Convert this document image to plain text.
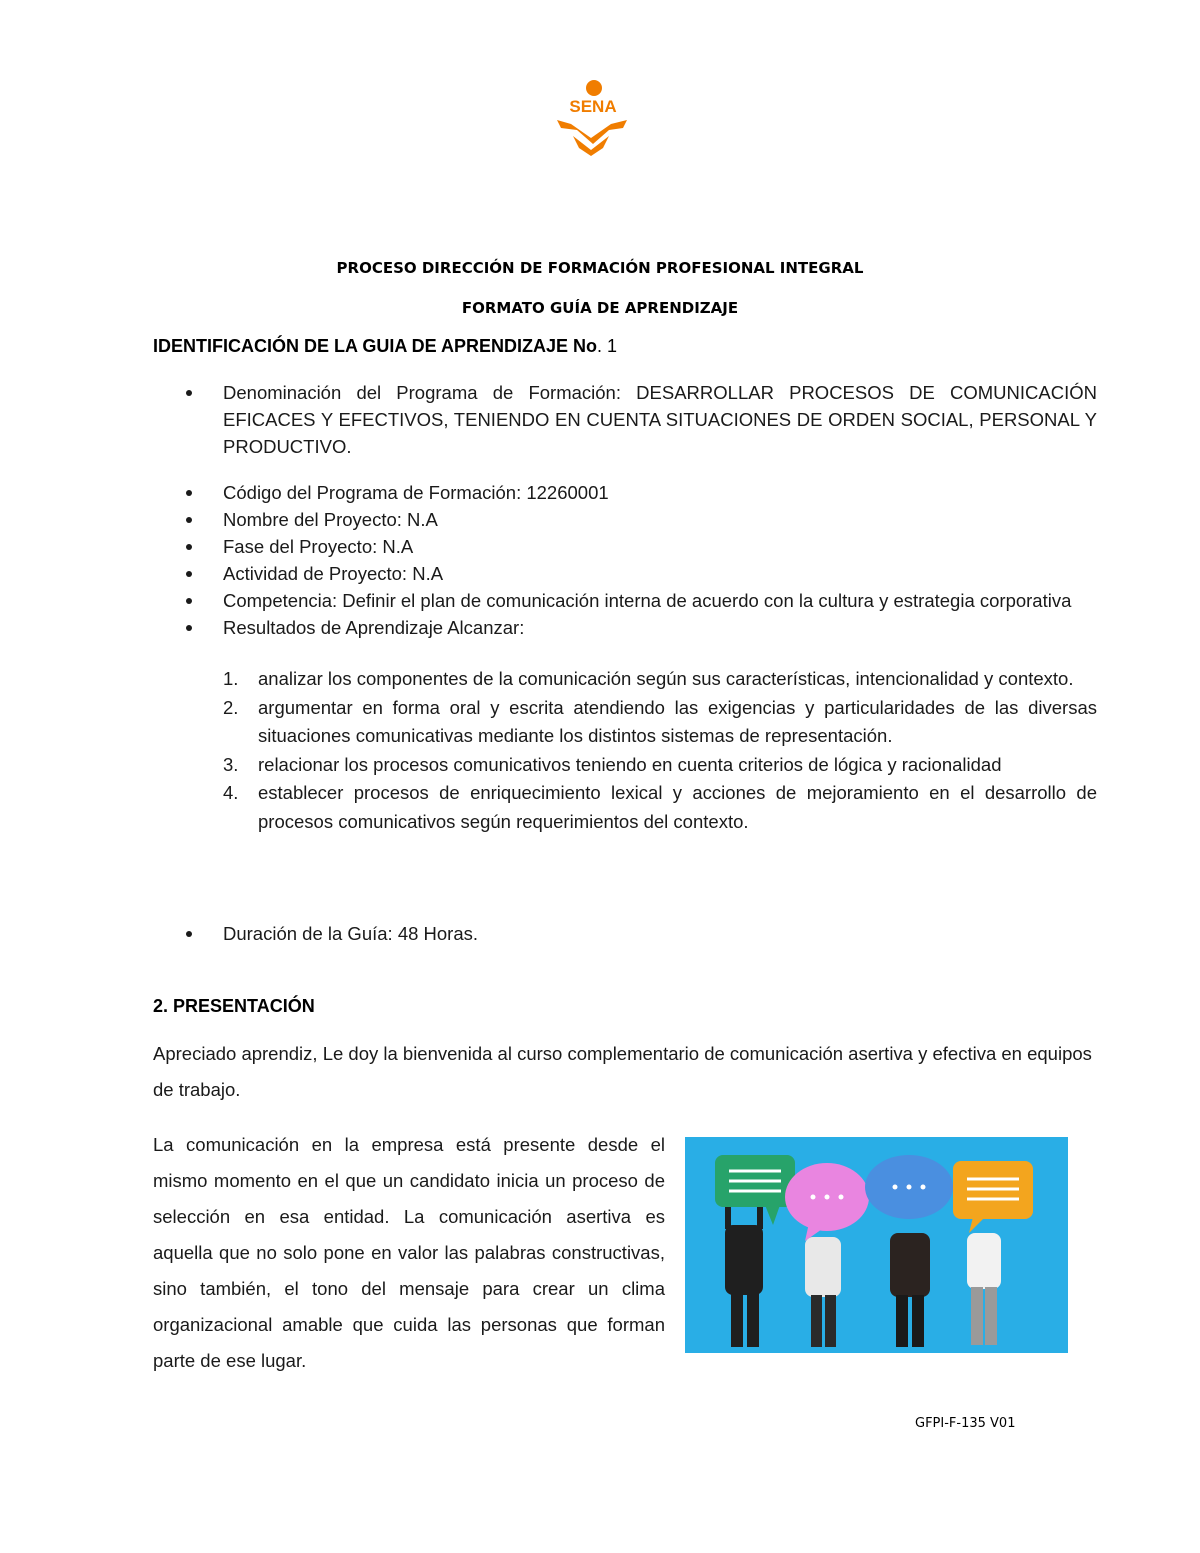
SENA
PROCESO DIRECCIÓN DE FORMACIÓN PROFESIONAL INTEGRAL
FORMATO GUÍA DE APRENDIZAJE
IDENTIFICACIÓN DE LA GUIA DE APRENDIZAJE No. 1
Denominación del Programa de Formación: DESARROLLAR PROCESOS DE COMUNICACIÓN EFICACES Y EFECTIVOS, TENIENDO EN CUENTA SITUACIONES DE ORDEN SOCIAL, PERSONAL Y PRODUCTIVO.
Código del Programa de Formación: 12260001
Nombre del Proyecto: N.A
Fase del Proyecto: N.A
Actividad de Proyecto: N.A
Competencia: Definir el plan de comunicación interna de acuerdo con la cultura y estrategia corporativa
Resultados de Aprendizaje Alcanzar:
1. analizar los componentes de la comunicación según sus características, intencionalidad y contexto.
2. argumentar en forma oral y escrita atendiendo las exigencias y particularidades de las diversas situaciones comunicativas mediante los distintos sistemas de representación.
3. relacionar los procesos comunicativos teniendo en cuenta criterios de lógica y racionalidad
4. establecer procesos de enriquecimiento lexical y acciones de mejoramiento en el desarrollo de procesos comunicativos según requerimientos del contexto.
Duración de la Guía: 48 Horas.
2. PRESENTACIÓN
Apreciado aprendiz, Le doy la bienvenida al curso complementario de comunicación asertiva y efectiva en equipos de trabajo.
La comunicación en la empresa está presente desde el mismo momento en el que un candidato inicia un proceso de selección en esa entidad. La comunicación asertiva es aquella que no solo pone en valor las palabras constructivas, sino también, el tono del mensaje para crear un clima organizacional amable que cuida las personas que forman parte de ese lugar.
GFPI-F-135 V01
